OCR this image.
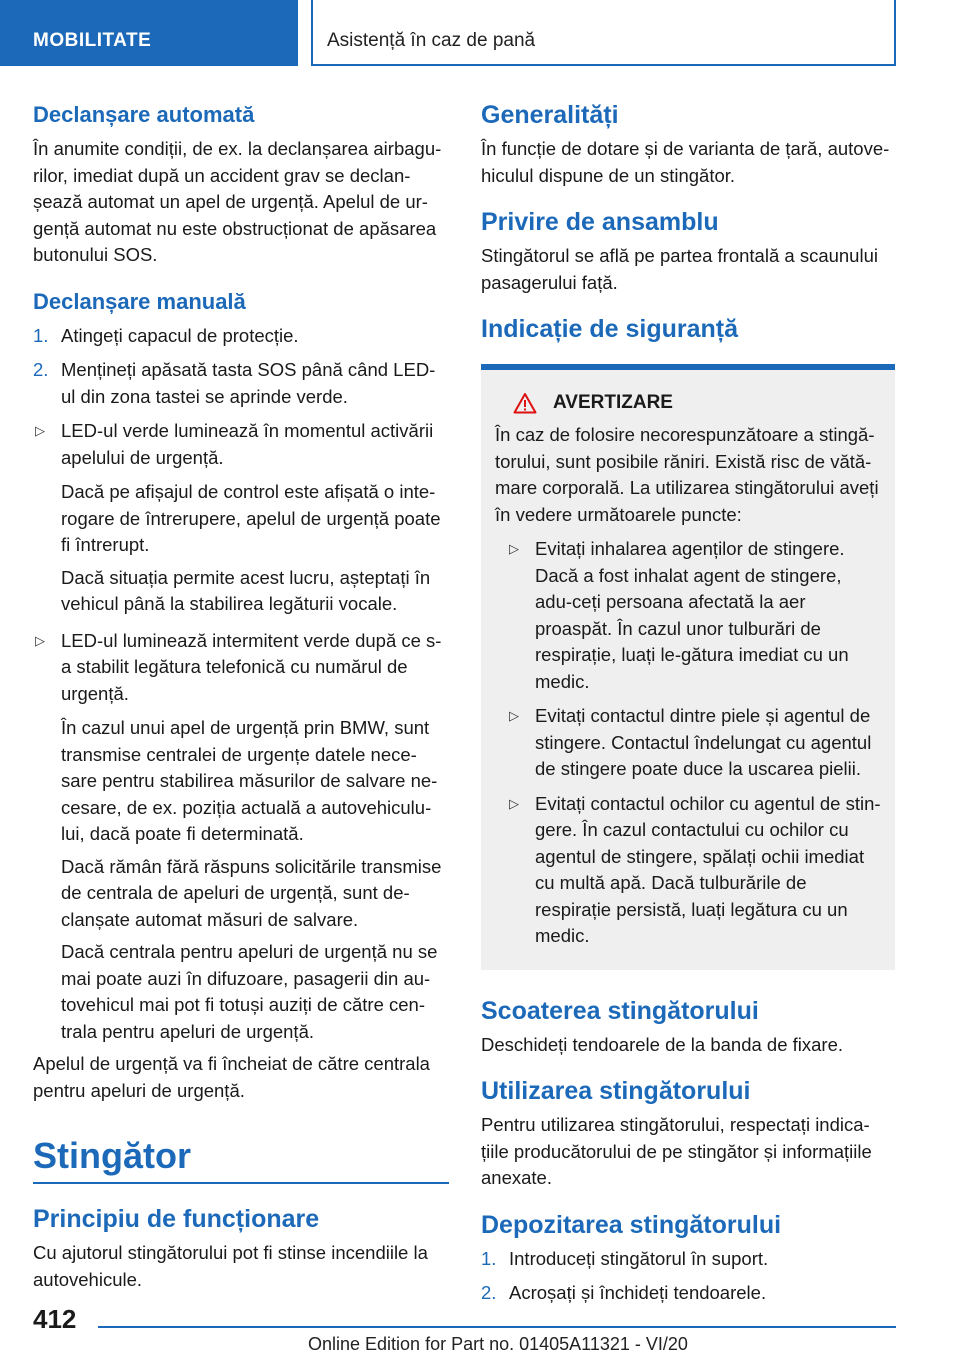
MOBILITATE	Asistență în caz de pană
Declanșare automată

În anumite condiții, de ex. la declanșarea airbagu-rilor, imediat după un accident grav se declan-șează automat un apel de urgență. Apelul de ur-gență automat nu este obstrucționat de apăsarea butonului SOS.

Declanșare manuală
1. Atingeți capacul de protecție.
2. Mențineți apăsată tasta SOS până când LED-ul din zona tastei se aprinde verde.
▷ LED-ul verde luminează în momentul activării apelului de urgență.

Dacă pe afișajul de control este afișată o inte-rogare de întrerupere, apelul de urgență poate fi întrerupt.

Dacă situația permite acest lucru, așteptați în vehicul până la stabilirea legăturii vocale.

▷ LED-ul luminează intermitent verde după ce s-a stabilit legătura telefonică cu numărul de urgență.

În cazul unui apel de urgență prin BMW, sunt transmise centralei de urgențe datele nece-sare pentru stabilirea măsurilor de salvare ne-cesare, de ex. poziția actuală a autovehiculu-lui, dacă poate fi determinată.

Dacă rămân fără răspuns solicitările transmise de centrala de apeluri de urgență, sunt de-clanșate automat măsuri de salvare.

Dacă centrala pentru apeluri de urgență nu se mai poate auzi în difuzoare, pasagerii din au-tovehicul mai pot fi totuși auziți de către cen-trala pentru apeluri de urgență.

Apelul de urgență va fi încheiat de către centrala pentru apeluri de urgență.

Stingător
Principiu de funcționare

Cu ajutorul stingătorului pot fi stinse incendiile la autovehicule.

Generalități

În funcție de dotare și de varianta de țară, autove-hiculul dispune de un stingător.

Privire de ansamblu

Stingătorul se află pe partea frontală a scaunului pasagerului față.

Indicație de siguranță
AVERTIZARE

În caz de folosire necorespunzătoare a stingă-torului, sunt posibile răniri. Există risc de vătă-mare corporală. La utilizarea stingătorului aveți în vedere următoarele puncte:

▷ Evitați inhalarea agenților de stingere. Dacă a fost inhalat agent de stingere, adu-ceți persoana afectată la aer proaspăt. În cazul unor tulburări de respirație, luați le-gătura imediat cu un medic.
▷ Evitați contactul dintre piele și agentul de stingere. Contactul îndelungat cu agentul de stingere poate duce la uscarea pielii.
▷ Evitați contactul ochilor cu agentul de stin-gere. În cazul contactului cu ochilor cu agentul de stingere, spălați ochii imediat cu multă apă. Dacă tulburările de respirație persistă, luați legătura cu un medic.
Scoaterea stingătorului

Deschideți tendoarele de la banda de fixare.

Utilizarea stingătorului

Pentru utilizarea stingătorului, respectați indica-țiile producătorului de pe stingător și informațiile anexate.

Depozitarea stingătorului
1. Introduceți stingătorul în suport.
2. Acroșați și închideți tendoarele.
412
Online Edition for Part no. 01405A11321 - VI/20
